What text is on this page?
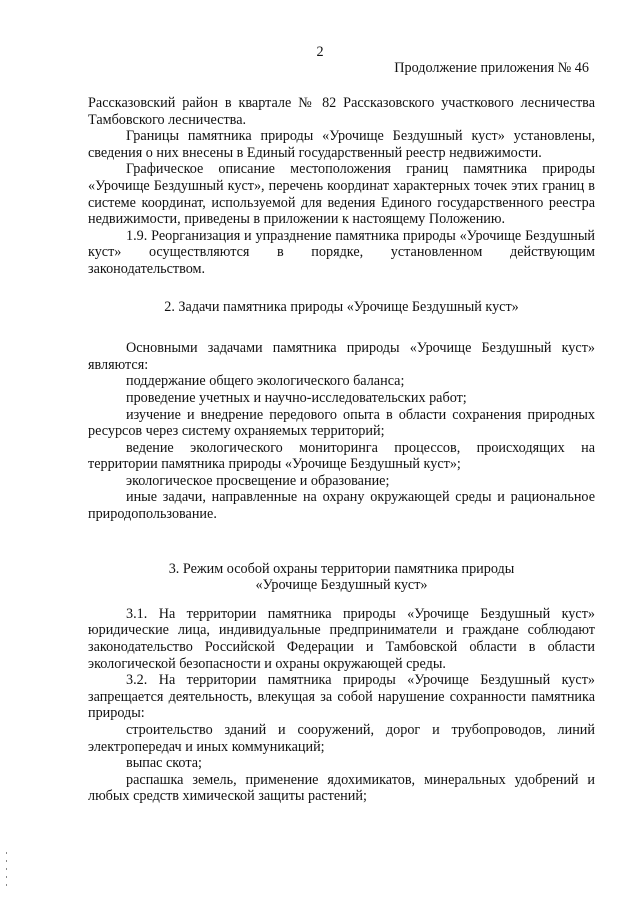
2
Продолжение приложения № 46

Рассказовский район в квартале № 82 Рассказовского участкового лесничества Тамбовского лесничества.

Границы памятника природы «Урочище Бездушный куст» установлены, сведения о них внесены в Единый государственный реестр недвижимости.

Графическое описание местоположения границ памятника природы «Урочище Бездушный куст», перечень координат характерных точек этих границ в системе координат, используемой для ведения Единого государственного реестра недвижимости, приведены в приложении к настоящему Положению.

1.9. Реорганизация и упразднение памятника природы «Урочище Бездушный куст» осуществляются в порядке, установленном действующим законодательством.

2. Задачи памятника природы «Урочище Бездушный куст»

Основными задачами памятника природы «Урочище Бездушный куст» являются:

поддержание общего экологического баланса;

проведение учетных и научно-исследовательских работ;

изучение и внедрение передового опыта в области сохранения природных ресурсов через систему охраняемых территорий;

ведение экологического мониторинга процессов, происходящих на территории памятника природы «Урочище Бездушный куст»;

экологическое просвещение и образование;

иные задачи, направленные на охрану окружающей среды и рациональное природопользование.

3. Режим особой охраны территории памятника природы
«Урочище Бездушный куст»

3.1. На территории памятника природы «Урочище Бездушный куст» юридические лица, индивидуальные предприниматели и граждане соблюдают законодательство Российской Федерации и Тамбовской области в области экологической безопасности и охраны окружающей среды.

3.2. На территории памятника природы «Урочище Бездушный куст» запрещается деятельность, влекущая за собой нарушение сохранности памятника природы:

строительство зданий и сооружений, дорог и трубопроводов, линий электропередач и иных коммуникаций;

выпас скота;

распашка земель, применение ядохимикатов, минеральных удобрений и любых средств химической защиты растений;
